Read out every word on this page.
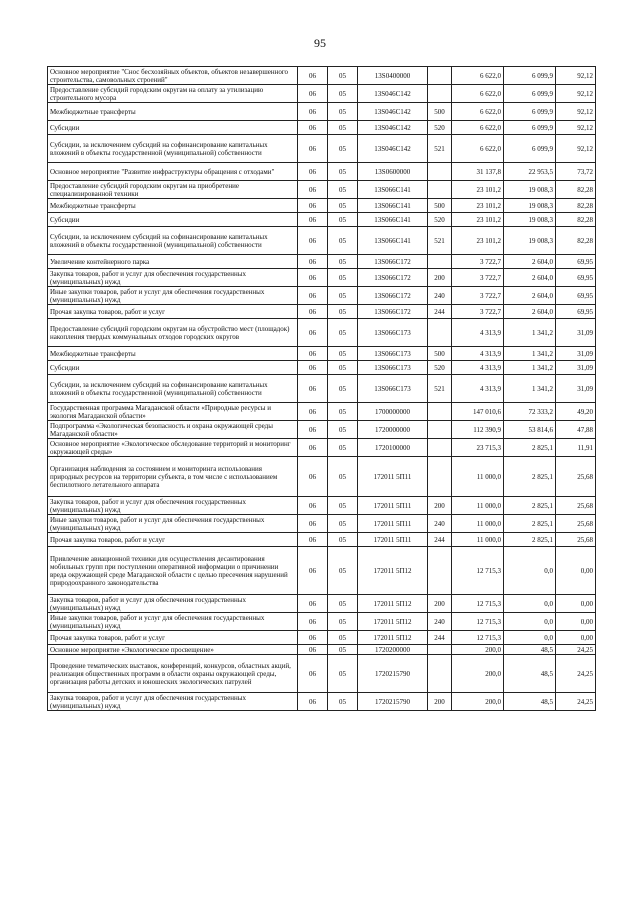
95
Основное мероприятие "Снос бесхозяйных объектов, объектов незавершенного строительства, самовольных строений"	06	05	13S0400000		6 622,0	6 099,9	92,12
Предоставление субсидий городским округам на оплату за утилизацию строительного мусора	06	05	13S046C142		6 622,0	6 099,9	92,12
Межбюджетные трансферты	06	05	13S046C142	500	6 622,0	6 099,9	92,12
Субсидии	06	05	13S046C142	520	6 622,0	6 099,9	92,12
Субсидии, за исключением субсидий на софинансирование капитальных вложений в объекты государственной (муниципальной) собственности	06	05	13S046C142	521	6 622,0	6 099,9	92,12
Основное мероприятие "Развитие инфраструктуры обращения с отходами"	06	05	13S0600000		31 137,8	22 953,5	73,72
Предоставление субсидий городским округам на приобретение специализированной техники	06	05	13S066C141		23 101,2	19 008,3	82,28
Межбюджетные трансферты	06	05	13S066C141	500	23 101,2	19 008,3	82,28
Субсидии	06	05	13S066C141	520	23 101,2	19 008,3	82,28
Субсидии, за исключением субсидий на софинансирование капитальных вложений в объекты государственной (муниципальной) собственности	06	05	13S066C141	521	23 101,2	19 008,3	82,28
Увеличение контейнерного парка	06	05	13S066C172		3 722,7	2 604,0	69,95
Закупка товаров, работ и услуг для обеспечения государственных (муниципальных) нужд	06	05	13S066C172	200	3 722,7	2 604,0	69,95
Иные закупки товаров, работ и услуг для обеспечения государственных (муниципальных) нужд	06	05	13S066C172	240	3 722,7	2 604,0	69,95
Прочая закупка товаров, работ и услуг	06	05	13S066C172	244	3 722,7	2 604,0	69,95
Предоставление субсидий городским округам на обустройство мест (площадок) накопления твердых коммунальных отходов городских округов	06	05	13S066C173		4 313,9	1 341,2	31,09
Межбюджетные трансферты	06	05	13S066C173	500	4 313,9	1 341,2	31,09
Субсидии	06	05	13S066C173	520	4 313,9	1 341,2	31,09
Субсидии, за исключением субсидий на софинансирование капитальных вложений в объекты государственной (муниципальной) собственности	06	05	13S066C173	521	4 313,9	1 341,2	31,09
Государственная программа Магаданской области «Природные ресурсы и экология Магаданской области»	06	05	1700000000		147 010,6	72 333,2	49,20
Подпрограмма «Экологическая безопасность и охрана окружающей среды Магаданской области»	06	05	1720000000		112 390,9	53 814,6	47,88
Основное мероприятие «Экологическое обследование территорий и мониторинг окружающей среды»	06	05	1720100000		23 715,3	2 825,1	11,91
Организация наблюдения за состоянием и мониторинга использования природных ресурсов на территории субъекта, в том числе с использованием беспилотного летательного аппарата	06	05	172011 5П11		11 000,0	2 825,1	25,68
Закупка товаров, работ и услуг для обеспечения государственных (муниципальных) нужд	06	05	172011 5П11	200	11 000,0	2 825,1	25,68
Иные закупки товаров, работ и услуг для обеспечения государственных (муниципальных) нужд	06	05	172011 5П11	240	11 000,0	2 825,1	25,68
Прочая закупка товаров, работ и услуг	06	05	172011 5П11	244	11 000,0	2 825,1	25,68
Привлечение авиационной техники для осуществления десантирования мобильных групп при поступлении оперативной информации о причинении вреда окружающей среде Магаданской области с целью пресечения нарушений природоохранного законодательства	06	05	172011 5П12		12 715,3	0,0	0,00
Закупка товаров, работ и услуг для обеспечения государственных (муниципальных) нужд	06	05	172011 5П12	200	12 715,3	0,0	0,00
Иные закупки товаров, работ и услуг для обеспечения государственных (муниципальных) нужд	06	05	172011 5П12	240	12 715,3	0,0	0,00
Прочая закупка товаров, работ и услуг	06	05	172011 5П12	244	12 715,3	0,0	0,00
Основное мероприятие «Экологическое просвещение»	06	05	1720200000		200,0	48,5	24,25
Проведение тематических выставок, конференций, конкурсов, областных акций, реализация общественных программ в области охраны окружающей среды, организация работы детских и юношеских экологических патрулей	06	05	1720215790		200,0	48,5	24,25
Закупка товаров, работ и услуг для обеспечения государственных (муниципальных) нужд	06	05	1720215790	200	200,0	48,5	24,25
